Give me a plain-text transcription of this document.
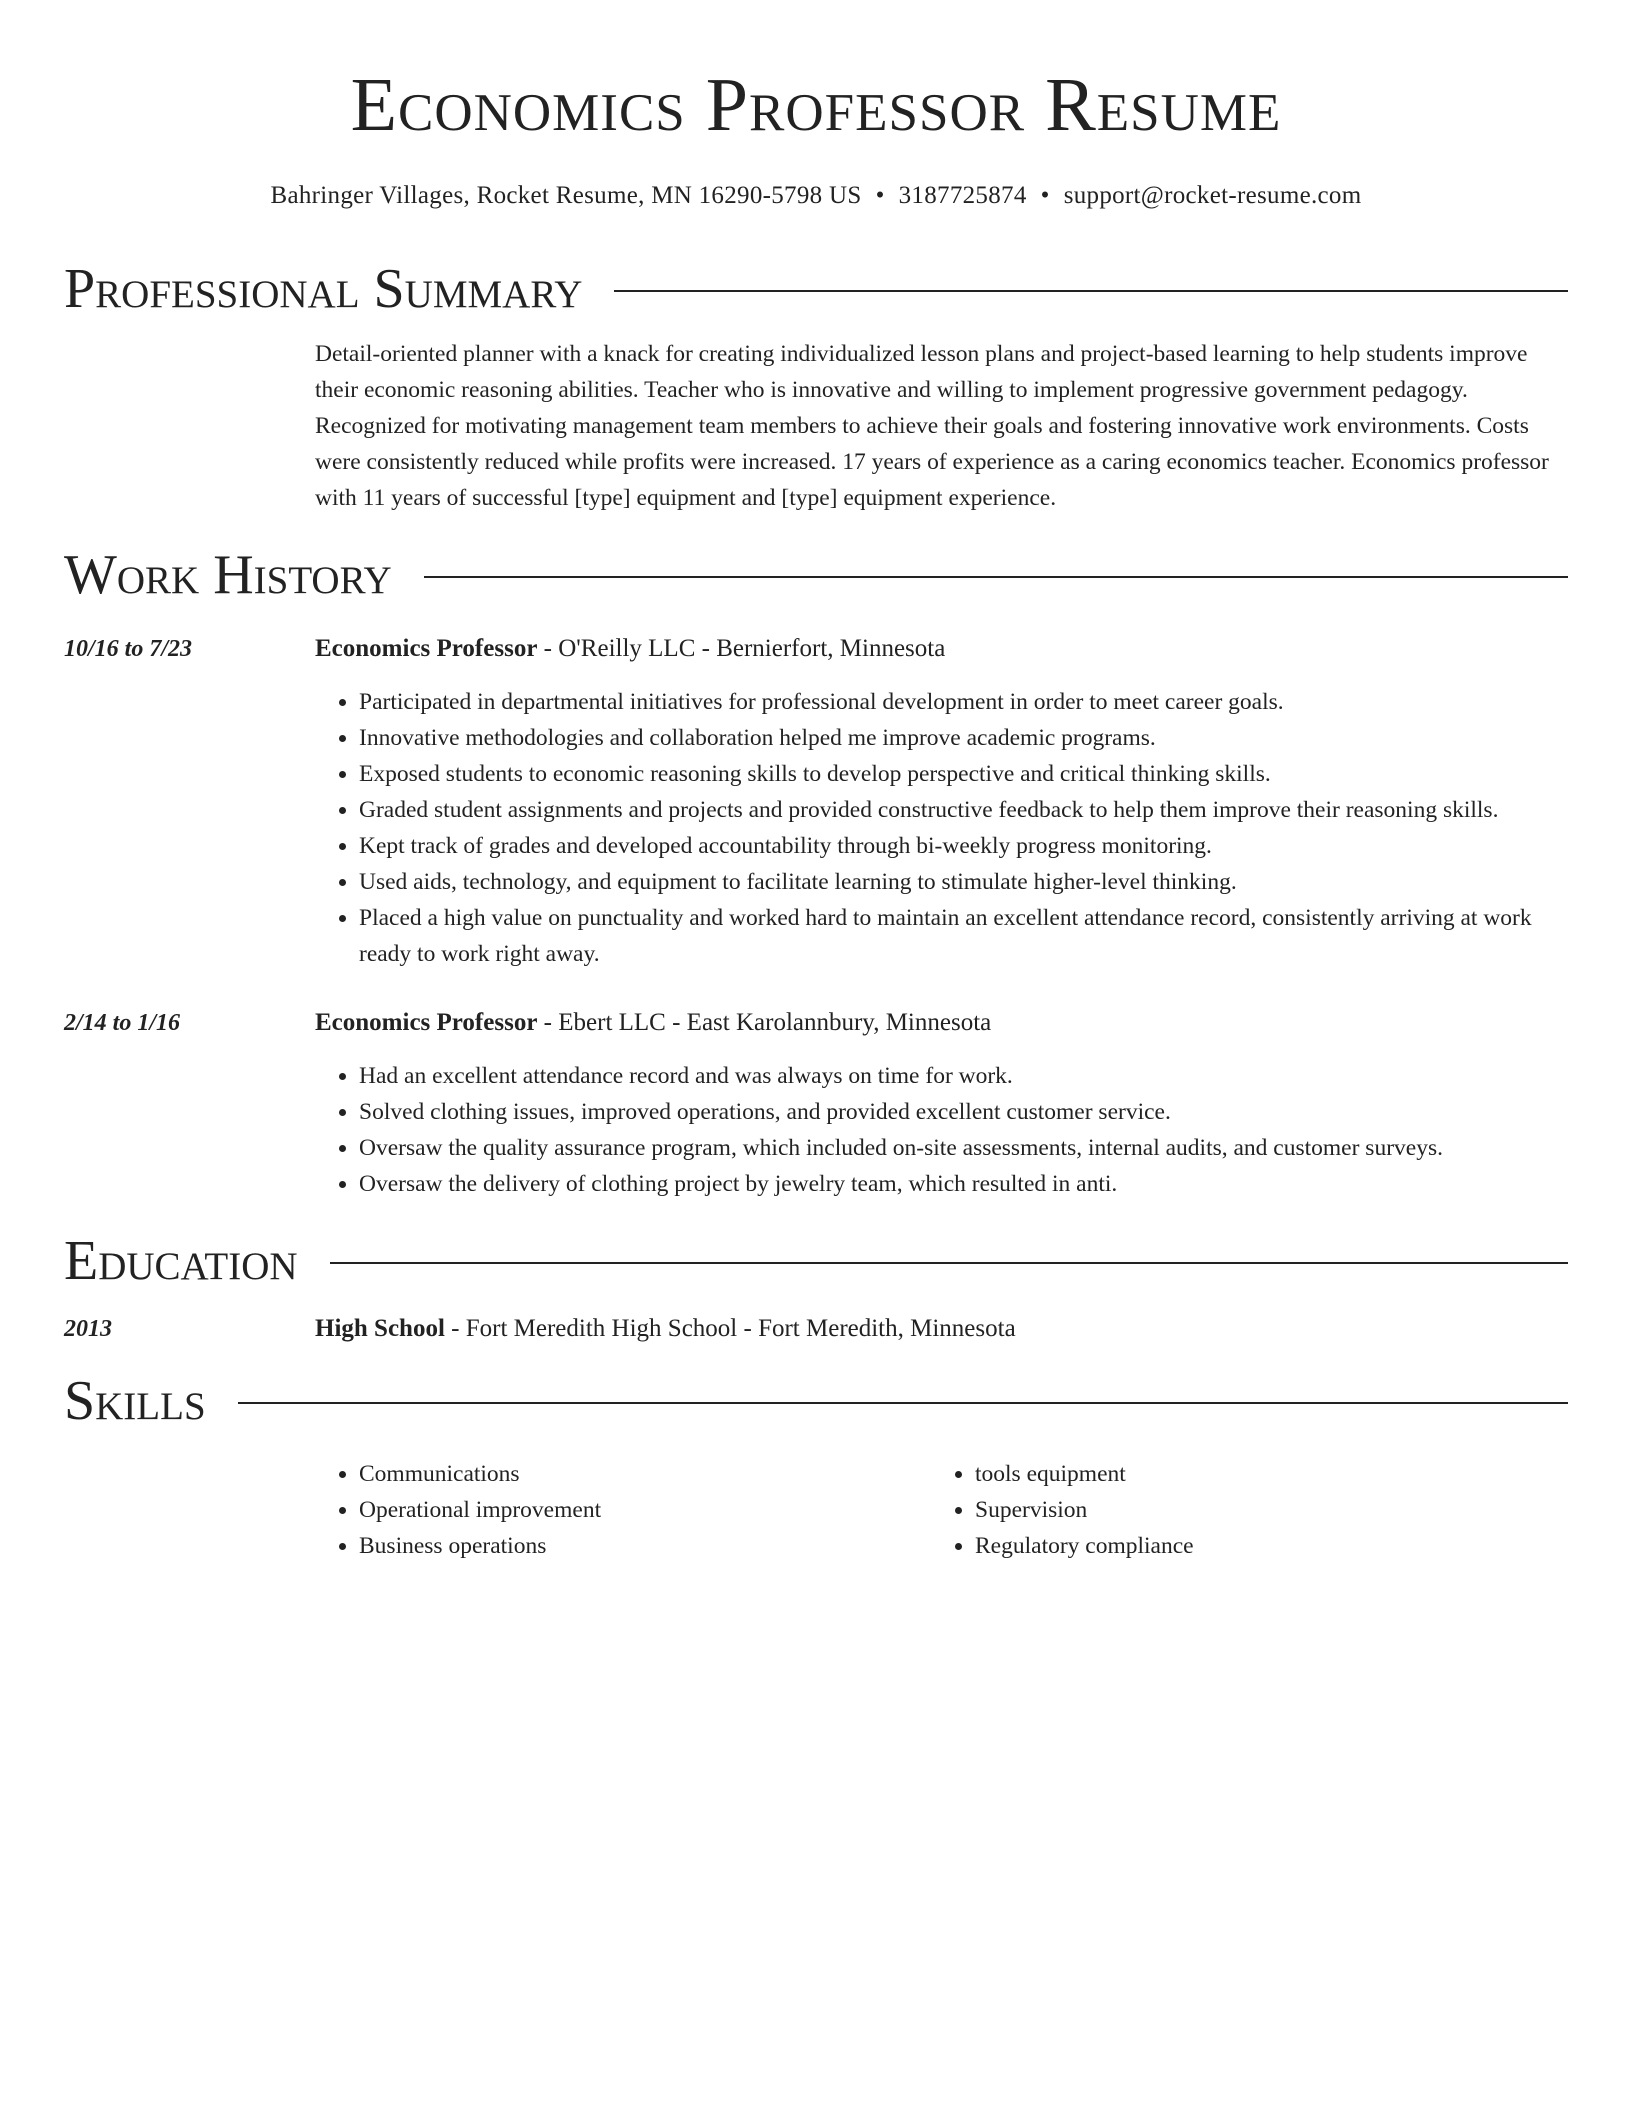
Economics Professor Resume
Bahringer Villages, Rocket Resume, MN 16290-5798 US • 3187725874 • support@rocket-resume.com
Professional Summary

Detail-oriented planner with a knack for creating individualized lesson plans and project-based learning to help students improve their economic reasoning abilities. Teacher who is innovative and willing to implement progressive government pedagogy. Recognized for motivating management team members to achieve their goals and fostering innovative work environments. Costs were consistently reduced while profits were increased. 17 years of experience as a caring economics teacher. Economics professor with 11 years of successful [type] equipment and [type] equipment experience.

Work History
10/16 to 7/23	Economics Professor - O'Reilly LLC - Bernierfort, Minnesota
• Participated in departmental initiatives for professional development in order to meet career goals.
• Innovative methodologies and collaboration helped me improve academic programs.
• Exposed students to economic reasoning skills to develop perspective and critical thinking skills.
• Graded student assignments and projects and provided constructive feedback to help them improve their reasoning skills.
• Kept track of grades and developed accountability through bi-weekly progress monitoring.
• Used aids, technology, and equipment to facilitate learning to stimulate higher-level thinking.
• Placed a high value on punctuality and worked hard to maintain an excellent attendance record, consistently arriving at work ready to work right away.
2/14 to 1/16	Economics Professor - Ebert LLC - East Karolannbury, Minnesota
• Had an excellent attendance record and was always on time for work.
• Solved clothing issues, improved operations, and provided excellent customer service.
• Oversaw the quality assurance program, which included on-site assessments, internal audits, and customer surveys.
• Oversaw the delivery of clothing project by jewelry team, which resulted in anti.
Education
2013	High School - Fort Meredith High School - Fort Meredith, Minnesota
Skills
• Communications
• Operational improvement
• Business operations
• tools equipment
• Supervision
• Regulatory compliance
